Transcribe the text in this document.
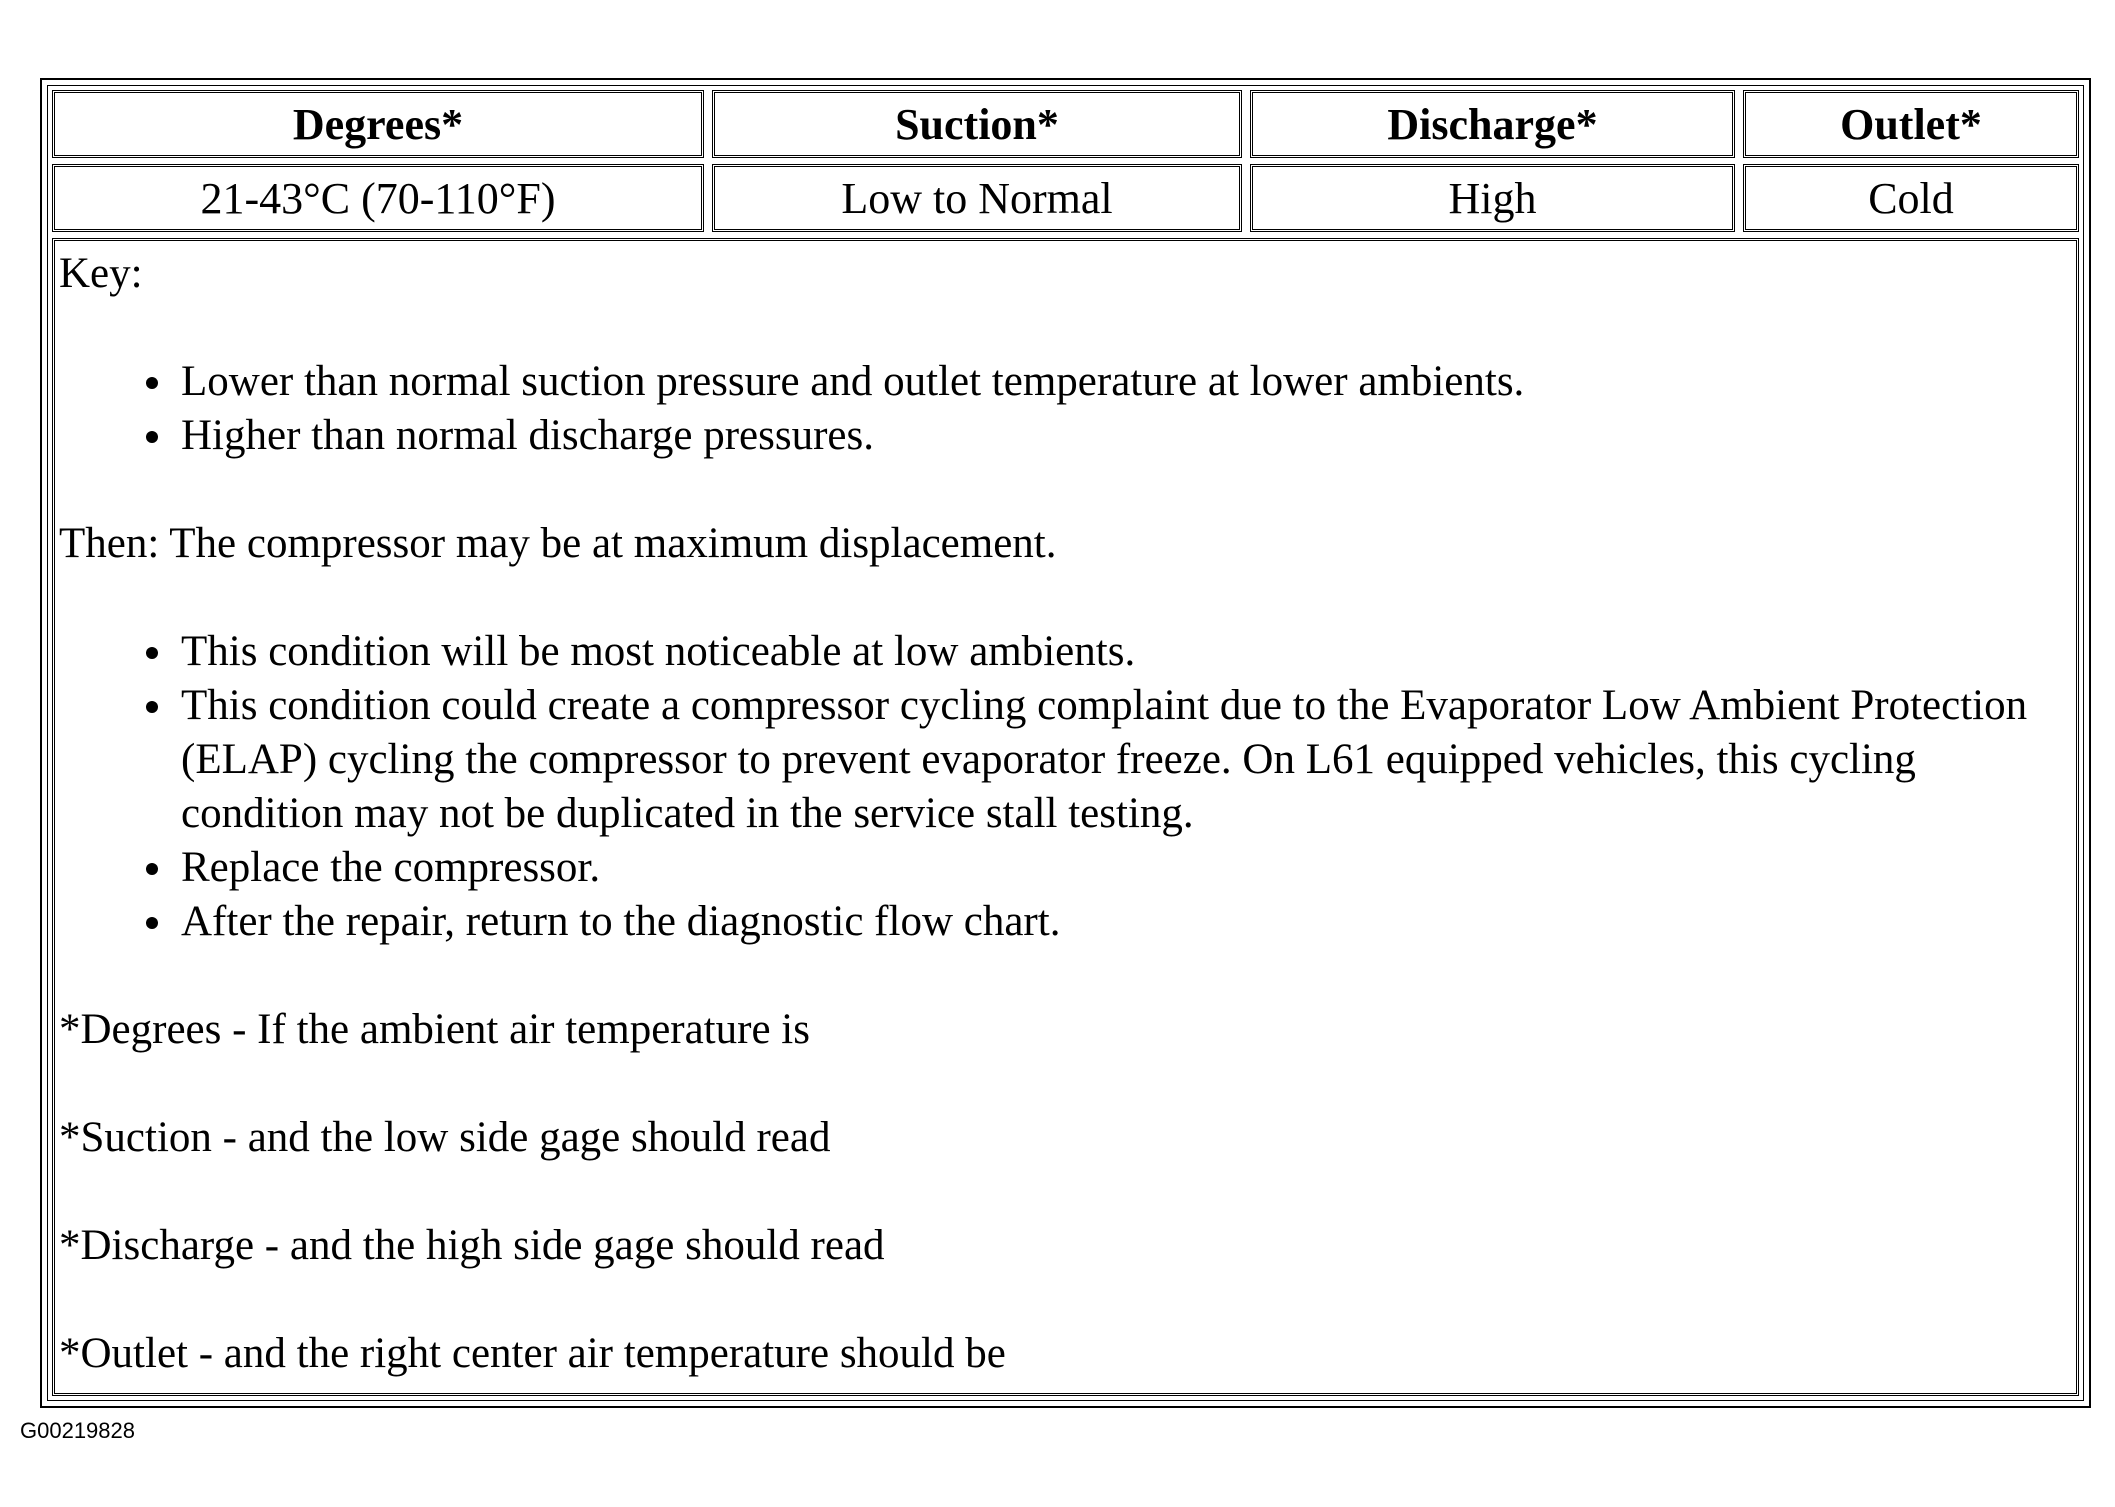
Degrees*	Suction*	Discharge*	Outlet*
21-43°C (70-110°F)	Low to Normal	High	Cold

Key:

• Lower than normal suction pressure and outlet temperature at lower ambients.
• Higher than normal discharge pressures.

Then: The compressor may be at maximum displacement.

• This condition will be most noticeable at low ambients.
• This condition could create a compressor cycling complaint due to the Evaporator Low Ambient Protection (ELAP) cycling the compressor to prevent evaporator freeze. On L61 equipped vehicles, this cycling condition may not be duplicated in the service stall testing.
• Replace the compressor.
• After the repair, return to the diagnostic flow chart.

*Degrees - If the ambient air temperature is

*Suction - and the low side gage should read

*Discharge - and the high side gage should read

*Outlet - and the right center air temperature should be

G00219828
